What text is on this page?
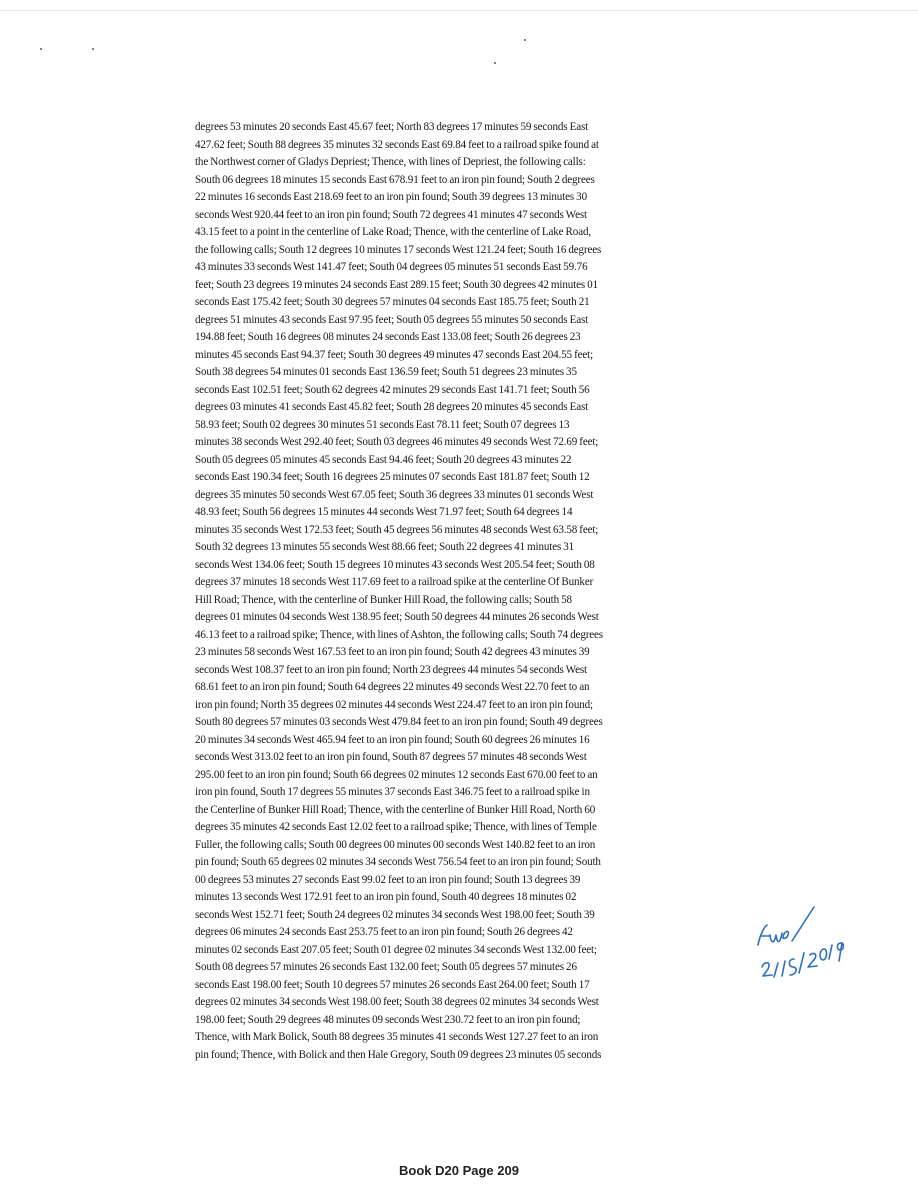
degrees 53 minutes 20 seconds East 45.67 feet; North 83 degrees 17 minutes 59 seconds East
427.62 feet; South 88 degrees 35 minutes 32 seconds East 69.84 feet to a railroad spike found at
the Northwest corner of Gladys Depriest; Thence, with lines of Depriest, the following calls:
South 06 degrees 18 minutes 15 seconds East 678.91 feet to an iron pin found; South 2 degrees
22 minutes 16 seconds East 218.69 feet to an iron pin found; South 39 degrees 13 minutes 30
seconds West 920.44 feet to an iron pin found; South 72 degrees 41 minutes 47 seconds West
43.15 feet to a point in the centerline of Lake Road; Thence, with the centerline of Lake Road,
the following calls; South 12 degrees 10 minutes 17 seconds West 121.24 feet; South 16 degrees
43 minutes 33 seconds West 141.47 feet; South 04 degrees 05 minutes 51 seconds East 59.76
feet; South 23 degrees 19 minutes 24 seconds East 289.15 feet; South 30 degrees 42 minutes 01
seconds East 175.42 feet; South 30 degrees 57 minutes 04 seconds East 185.75 feet; South 21
degrees 51 minutes 43 seconds East 97.95 feet; South 05 degrees 55 minutes 50 seconds East
194.88 feet; South 16 degrees 08 minutes 24 seconds East 133.08 feet; South 26 degrees 23
minutes 45 seconds East 94.37 feet; South 30 degrees 49 minutes 47 seconds East 204.55 feet;
South 38 degrees 54 minutes 01 seconds East 136.59 feet; South 51 degrees 23 minutes 35
seconds East 102.51 feet; South 62 degrees 42 minutes 29 seconds East 141.71 feet; South 56
degrees 03 minutes 41 seconds East 45.82 feet; South 28 degrees 20 minutes 45 seconds East
58.93 feet; South 02 degrees 30 minutes 51 seconds East 78.11 feet; South 07 degrees 13
minutes 38 seconds West 292.40 feet; South 03 degrees 46 minutes 49 seconds West 72.69 feet;
South 05 degrees 05 minutes 45 seconds East 94.46 feet; South 20 degrees 43 minutes 22
seconds East 190.34 feet; South 16 degrees 25 minutes 07 seconds East 181.87 feet; South 12
degrees 35 minutes 50 seconds West 67.05 feet; South 36 degrees 33 minutes 01 seconds West
48.93 feet; South 56 degrees 15 minutes 44 seconds West 71.97 feet; South 64 degrees 14
minutes 35 seconds West 172.53 feet; South 45 degrees 56 minutes 48 seconds West 63.58 feet;
South 32 degrees 13 minutes 55 seconds West 88.66 feet; South 22 degrees 41 minutes 31
seconds West 134.06 feet; South 15 degrees 10 minutes 43 seconds West 205.54 feet; South 08
degrees 37 minutes 18 seconds West 117.69 feet to a railroad spike at the centerline Of Bunker
Hill Road; Thence, with the centerline of Bunker Hill Road, the following calls; South 58
degrees 01 minutes 04 seconds West 138.95 feet; South 50 degrees 44 minutes 26 seconds West
46.13 feet to a railroad spike; Thence, with lines of Ashton, the following calls; South 74 degrees
23 minutes 58 seconds West 167.53 feet to an iron pin found; South 42 degrees 43 minutes 39
seconds West 108.37 feet to an iron pin found; North 23 degrees 44 minutes 54 seconds West
68.61 feet to an iron pin found; South 64 degrees 22 minutes 49 seconds West 22.70 feet to an
iron pin found; North 35 degrees 02 minutes 44 seconds West 224.47 feet to an iron pin found;
South 80 degrees 57 minutes 03 seconds West 479.84 feet to an iron pin found; South 49 degrees
20 minutes 34 seconds West 465.94 feet to an iron pin found; South 60 degrees 26 minutes 16
seconds West 313.02 feet to an iron pin found, South 87 degrees 57 minutes 48 seconds West
295.00 feet to an iron pin found; South 66 degrees 02 minutes 12 seconds East 670.00 feet to an
iron pin found, South 17 degrees 55 minutes 37 seconds East 346.75 feet to a railroad spike in
the Centerline of Bunker Hill Road; Thence, with the centerline of Bunker Hill Road, North 60
degrees 35 minutes 42 seconds East 12.02 feet to a railroad spike; Thence, with lines of Temple
Fuller, the following calls; South 00 degrees 00 minutes 00 seconds West 140.82 feet to an iron
pin found; South 65 degrees 02 minutes 34 seconds West 756.54 feet to an iron pin found; South
00 degrees 53 minutes 27 seconds East 99.02 feet to an iron pin found; South 13 degrees 39
minutes 13 seconds West 172.91 feet to an iron pin found, South 40 degrees 18 minutes 02
seconds West 152.71 feet; South 24 degrees 02 minutes 34 seconds West 198.00 feet; South 39
degrees 06 minutes 24 seconds East 253.75 feet to an iron pin found; South 26 degrees 42
minutes 02 seconds East 207.05 feet; South 01 degree 02 minutes 34 seconds West 132.00 feet;
South 08 degrees 57 minutes 26 seconds East 132.00 feet; South 05 degrees 57 minutes 26
seconds East 198.00 feet; South 10 degrees 57 minutes 26 seconds East 264.00 feet; South 17
degrees 02 minutes 34 seconds West 198.00 feet; South 38 degrees 02 minutes 34 seconds West
198.00 feet; South 29 degrees 48 minutes 09 seconds West 230.72 feet to an iron pin found;
Thence, with Mark Bolick, South 88 degrees 35 minutes 41 seconds West 127.27 feet to an iron
pin found; Thence, with Bolick and then Hale Gregory, South 09 degrees 23 minutes 05 seconds
Book D20 Page 209
